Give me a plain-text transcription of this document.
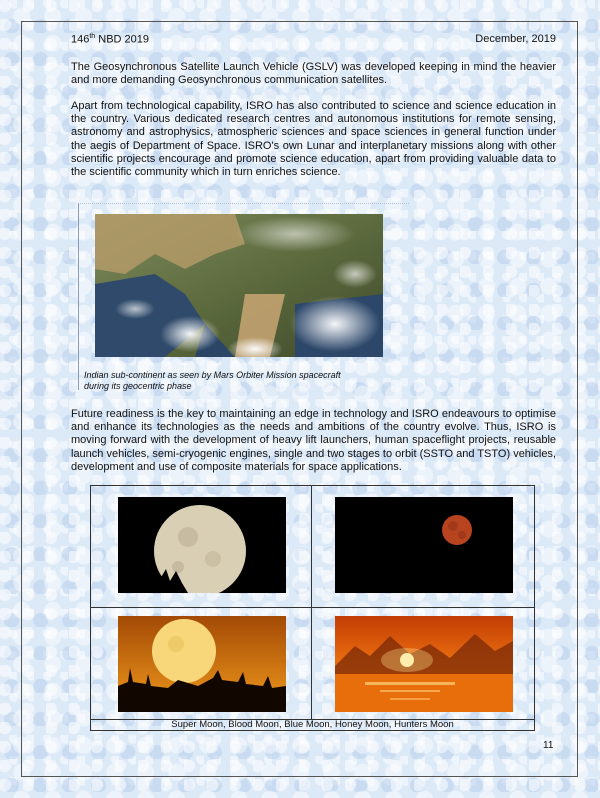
146th NBD 2019	December, 2019

The Geosynchronous Satellite Launch Vehicle (GSLV) was developed keeping in mind the heavier and more demanding Geosynchronous communication satellites.

Apart from technological capability, ISRO has also contributed to science and science education in the country. Various dedicated research centres and autonomous institutions for remote sensing, astronomy and astrophysics, atmospheric sciences and space sciences in general function under the aegis of Department of Space. ISRO's own Lunar and interplanetary missions along with other scientific projects encourage and promote science education, apart from providing valuable data to the scientific community which in turn enriches science.

Indian sub-continent as seen by Mars Orbiter Mission spacecraft
during its geocentric phase

Future readiness is the key to maintaining an edge in technology and ISRO endeavours to optimise and enhance its technologies as the needs and ambitions of the country evolve. Thus, ISRO is moving forward with the development of heavy lift launchers, human spaceflight projects, reusable launch vehicles, semi-cryogenic engines, single and two stages to orbit (SSTO and TSTO) vehicles, development and use of composite materials for space applications.

Super Moon, Blood Moon, Blue Moon, Honey Moon, Hunters Moon
11
